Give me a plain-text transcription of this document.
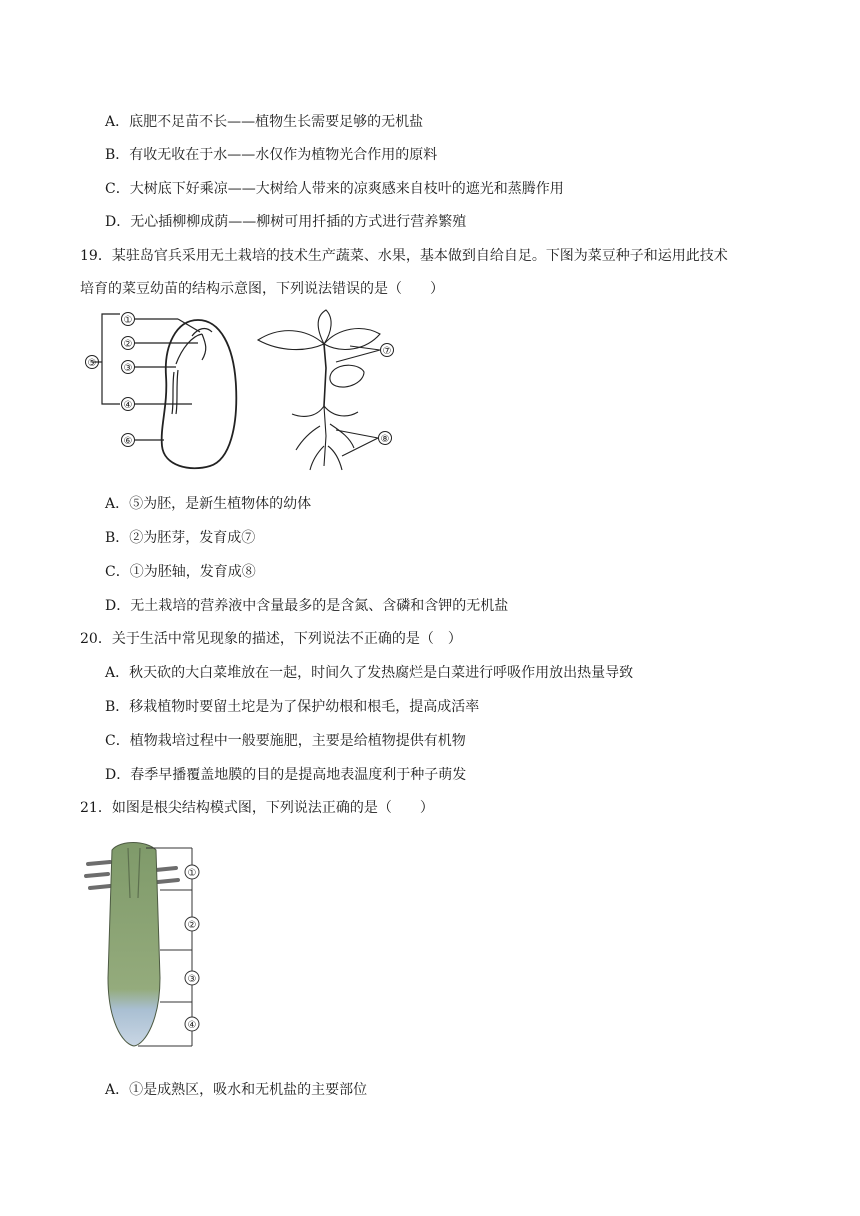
A．底肥不足苗不长——植物生长需要足够的无机盐
B．有收无收在于水——水仅作为植物光合作用的原料
C．大树底下好乘凉——大树给人带来的凉爽感来自枝叶的遮光和蒸腾作用
D．无心插柳柳成荫——柳树可用扦插的方式进行营养繁殖
19．某驻岛官兵采用无土栽培的技术生产蔬菜、水果，基本做到自给自足。下图为菜豆种子和运用此技术
培育的菜豆幼苗的结构示意图，下列说法错误的是（　　）
①
②
③
⑤
④
⑥
⑦
⑧
A．⑤为胚，是新生植物体的幼体
B．②为胚芽，发育成⑦
C．①为胚轴，发育成⑧
D．无土栽培的营养液中含量最多的是含氮、含磷和含钾的无机盐
20．关于生活中常见现象的描述，下列说法不正确的是（　）
A．秋天砍的大白菜堆放在一起，时间久了发热腐烂是白菜进行呼吸作用放出热量导致
B．移栽植物时要留土坨是为了保护幼根和根毛，提高成活率
C．植物栽培过程中一般要施肥，主要是给植物提供有机物
D．春季早播覆盖地膜的目的是提高地表温度利于种子萌发
21．如图是根尖结构模式图，下列说法正确的是（　　）
①
②
③
④
A．①是成熟区，吸水和无机盐的主要部位
